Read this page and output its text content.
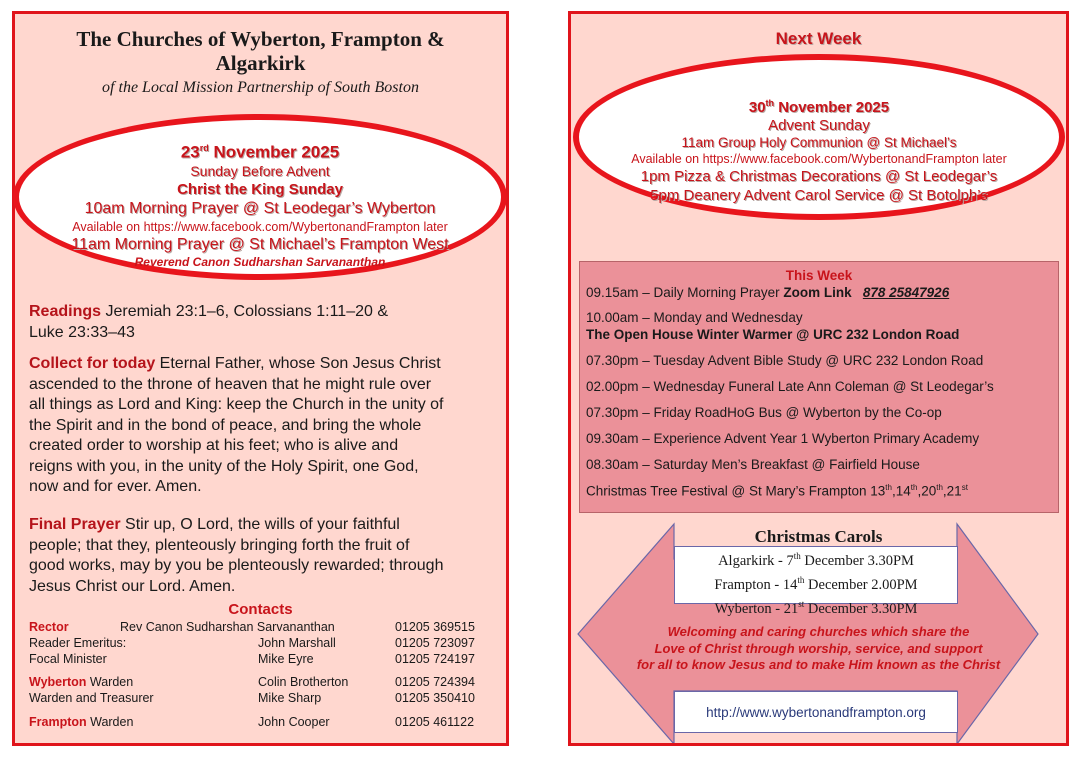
The Churches of Wyberton, Frampton &
Algarkirk
of the Local Mission Partnership of South Boston
23rd November 2025
Sunday Before Advent
Christ the King Sunday
10am Morning Prayer @ St Leodegar’s Wyberton
Available on https://www.facebook.com/WybertonandFrampton later
11am Morning Prayer @ St Michael’s Frampton West
Reverend Canon Sudharshan Sarvananthan
Readings Jeremiah 23:1–6, Colossians 1:11–20 &
Luke 23:33–43
Collect for today Eternal Father, whose Son Jesus Christ
ascended to the throne of heaven that he might rule over
all things as Lord and King: keep the Church in the unity of
the Spirit and in the bond of peace, and bring the whole
created order to worship at his feet; who is alive and
reigns with you, in the unity of the Holy Spirit, one God,
now and for ever. Amen.
Final Prayer Stir up, O Lord, the wills of your faithful
people; that they, plenteously bringing forth the fruit of
good works, may by you be plenteously rewarded; through
Jesus Christ our Lord. Amen.
Contacts
Rector	Rev Canon Sudharshan Sarvananthan	01205 369515
Reader Emeritus:	John Marshall	01205 723097
Focal Minister	Mike Eyre	01205 724197
Wyberton Warden	Colin Brotherton	01205 724394
Warden and Treasurer	Mike Sharp	01205 350410
Frampton Warden	John Cooper	01205 461122
Next Week
30th November 2025
Advent Sunday
11am Group Holy Communion @ St Michael’s
Available on https://www.facebook.com/WybertonandFrampton later
1pm Pizza & Christmas Decorations @ St Leodegar’s
5pm Deanery Advent Carol Service @ St Botolph’s
This Week
09.15am – Daily Morning Prayer Zoom Link 878 25847926
10.00am – Monday and Wednesday
The Open House Winter Warmer @ URC 232 London Road
07.30pm – Tuesday Advent Bible Study @ URC 232 London Road
02.00pm – Wednesday Funeral Late Ann Coleman @ St Leodegar’s
07.30pm – Friday RoadHoG Bus @ Wyberton by the Co-op
09.30am – Experience Advent Year 1 Wyberton Primary Academy
08.30am – Saturday Men’s Breakfast @ Fairfield House
Christmas Tree Festival @ St Mary’s Frampton 13th,14th,20th,21st
Christmas Carols
Algarkirk - 7th December 3.30PM
Frampton - 14th December 2.00PM
Wyberton - 21st December 3.30PM
Welcoming and caring churches which share the
Love of Christ through worship, service, and support
for all to know Jesus and to make Him known as the Christ
http://www.wybertonandframpton.org
